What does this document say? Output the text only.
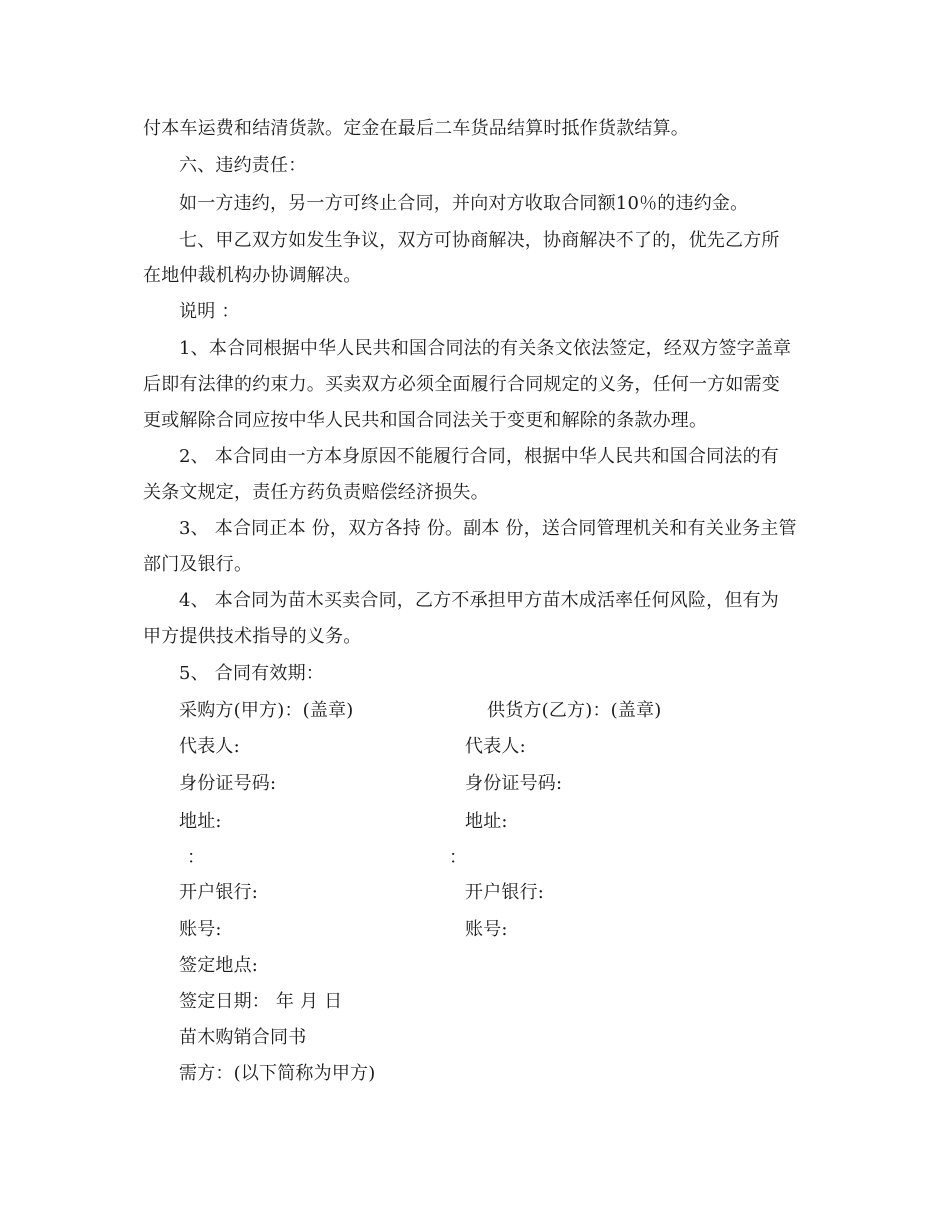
付本车运费和结清货款。定金在最后二车货品结算时抵作货款结算。
六、违约责任：
如一方违约，另一方可终止合同，并向对方收取合同额10％的违约金。
七、甲乙双方如发生争议，双方可协商解决，协商解决不了的，优先乙方所
在地仲裁机构办协调解决。
说明 ：
1、本合同根据中华人民共和国合同法的有关条文依法签定，经双方签字盖章
后即有法律的约束力。买卖双方必须全面履行合同规定的义务，任何一方如需变
更或解除合同应按中华人民共和国合同法关于变更和解除的条款办理。
2、 本合同由一方本身原因不能履行合同，根据中华人民共和国合同法的有
关条文规定，责任方药负责赔偿经济损失。
3、 本合同正本 份，双方各持 份。副本 份，送合同管理机关和有关业务主管
部门及银行。
4、 本合同为苗木买卖合同，乙方不承担甲方苗木成活率任何风险，但有为
甲方提供技术指导的义务。
5、 合同有效期：
采购方(甲方)：(盖章)	供货方(乙方)：(盖章)
代表人:	代表人:
身份证号码:	身份证号码:
地址:	地址:
：	：
开户银行:	开户银行:
账号:	账号:
签定地点:
签定日期： 年 月 日
苗木购销合同书
需方：(以下简称为甲方)
